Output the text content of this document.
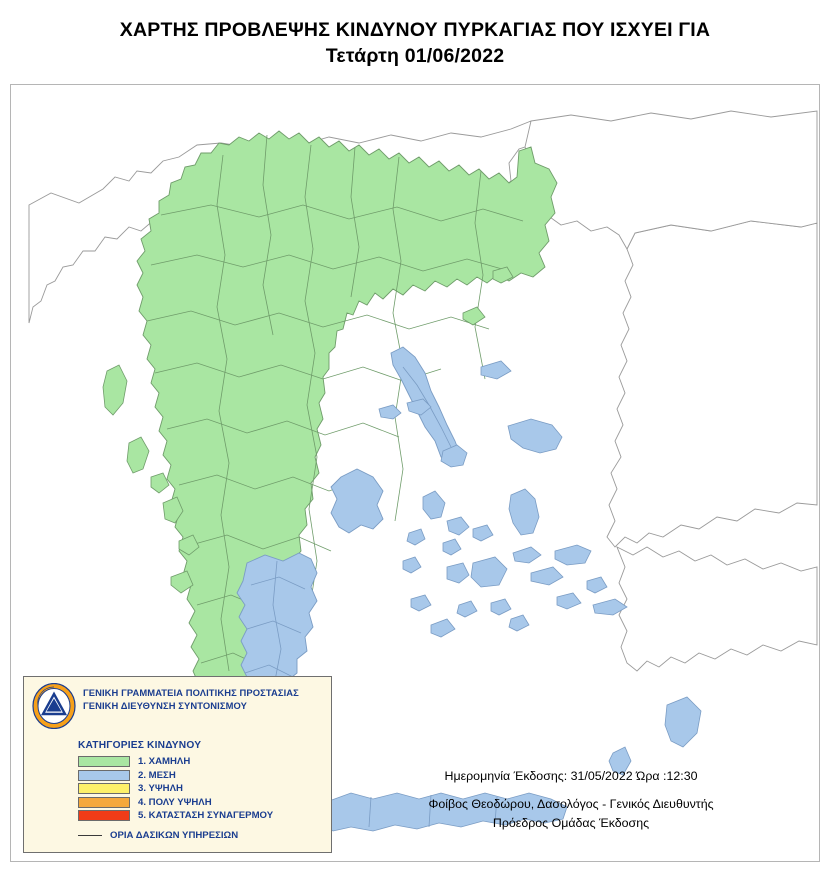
ΧΑΡΤΗΣ ΠΡΟΒΛΕΨΗΣ ΚΙΝΔΥΝΟΥ ΠΥΡΚΑΓΙΑΣ ΠΟΥ ΙΣΧΥΕΙ ΓΙΑ
Τετάρτη 01/06/2022
ΓΕΝΙΚΗ ΓΡΑΜΜΑΤΕΙΑ ΠΟΛΙΤΙΚΗΣ ΠΡΟΣΤΑΣΙΑΣ
ΓΕΝΙΚΗ ΔΙΕΥΘΥΝΣΗ ΣΥΝΤΟΝΙΣΜΟΥ
ΚΑΤΗΓΟΡΙΕΣ ΚΙΝΔΥΝΟΥ
1. ΧΑΜΗΛΗ
2. ΜΕΣΗ
3. ΥΨΗΛΗ
4. ΠΟΛΥ ΥΨΗΛΗ
5. ΚΑΤΑΣΤΑΣΗ ΣΥΝΑΓΕΡΜΟΥ
ΟΡΙΑ ΔΑΣΙΚΩΝ ΥΠΗΡΕΣΙΩΝ
Ημερομηνία Έκδοσης: 31/05/2022 Ώρα :12:30
Φοίβος Θεοδώρου, Δασολόγος - Γενικός Διευθυντής
Πρόεδρος Ομάδας Έκδοσης
